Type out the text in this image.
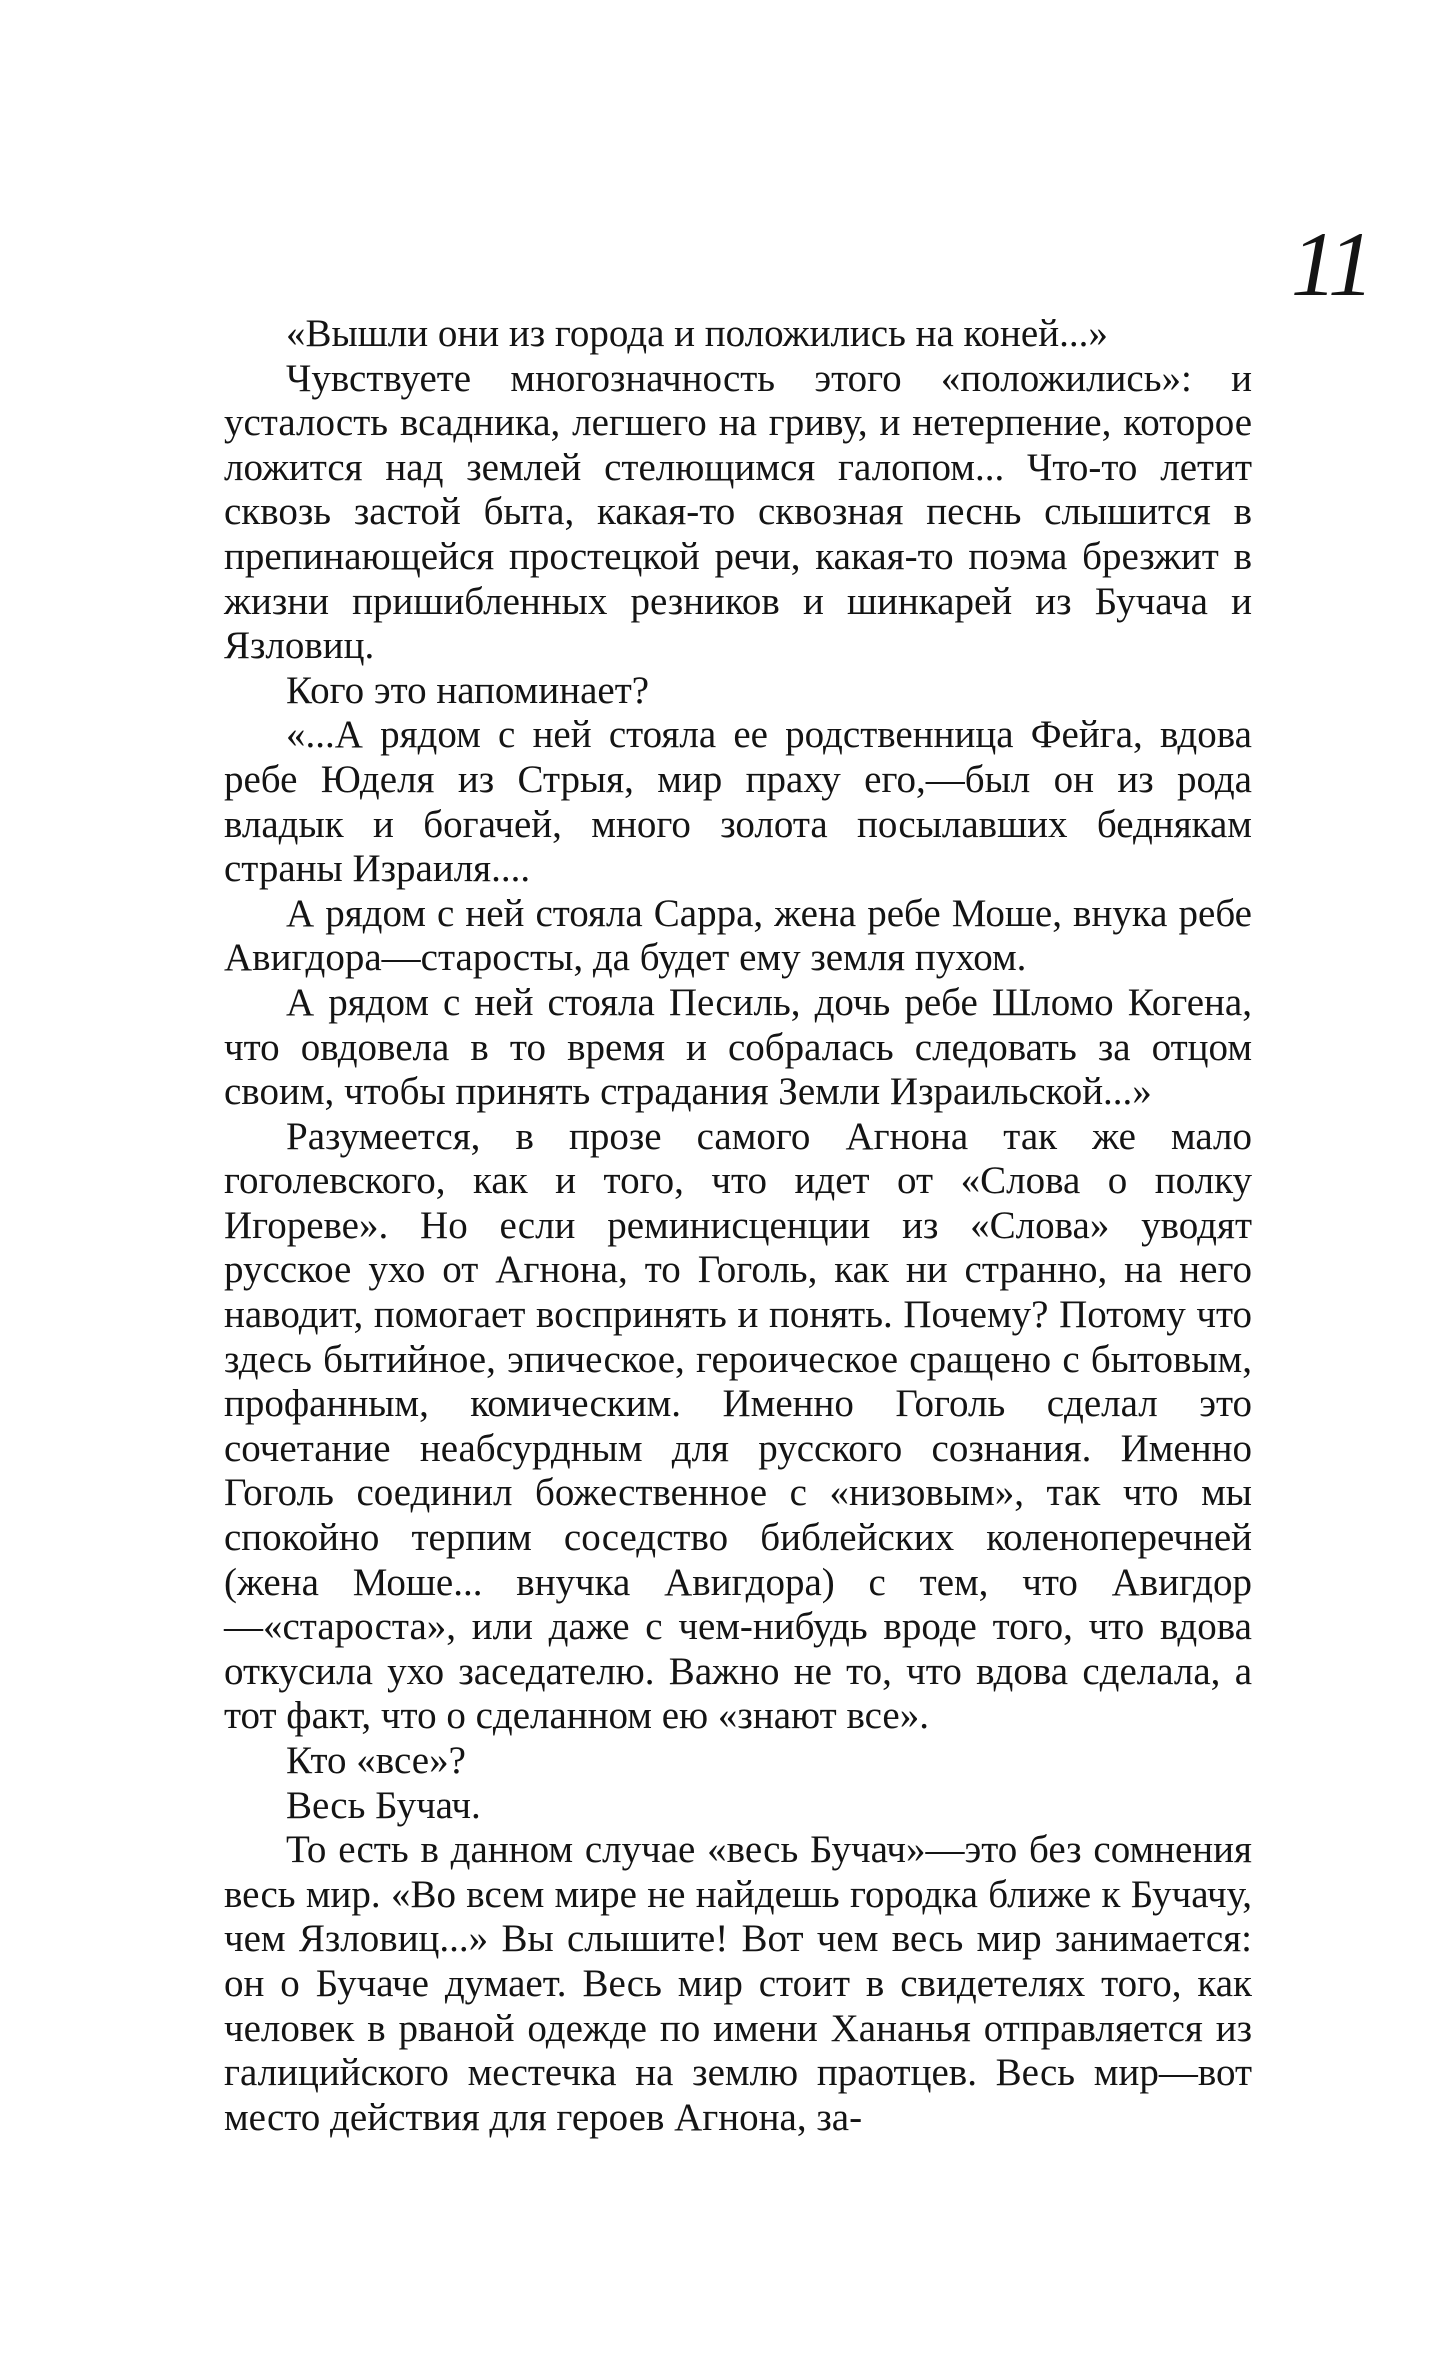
11

«Вышли они из города и положились на коней...»

Чувствуете многозначность этого «положились»: и усталость всадника, легшего на гриву, и нетерпение, которое ложится над землей стелющимся галопом... Что-то летит сквозь застой быта, какая-то сквозная песнь слышится в препинающейся простецкой речи, какая-то поэма брезжит в жизни пришибленных резников и шинкарей из Бучача и Язловиц.

Кого это напоминает?

«...А рядом с ней стояла ее родственница Фейга, вдова ребе Юделя из Стрыя, мир праху его,—был он из рода владык и богачей, много золота посылавших беднякам страны Израиля....

А рядом с ней стояла Сарра, жена ребе Моше, внука ребе Авигдора—старосты, да будет ему земля пухом.

А рядом с ней стояла Песиль, дочь ребе Шломо Когена, что овдовела в то время и собралась следовать за отцом своим, чтобы принять страдания Земли Израильской...»

Разумеется, в прозе самого Агнона так же мало гоголевского, как и того, что идет от «Слова о полку Игореве». Но если реминисценции из «Слова» уводят русское ухо от Агнона, то Гоголь, как ни странно, на него наводит, помогает воспринять и понять. Почему? Потому что здесь бытийное, эпическое, героическое сращено с бытовым, профанным, комическим. Именно Гоголь сделал это сочетание неабсурдным для русского сознания. Именно Гоголь соединил божественное с «низовым», так что мы спокойно терпим соседство библейских коленоперечней (жена Моше... внучка Авигдора) с тем, что Авигдор—«староста», или даже с чем-нибудь вроде того, что вдова откусила ухо заседателю. Важно не то, что вдова сделала, а тот факт, что о сделанном ею «знают все».

Кто «все»?

Весь Бучач.

То есть в данном случае «весь Бучач»—это без сомнения весь мир. «Во всем мире не найдешь городка ближе к Бучачу, чем Язловиц...» Вы слышите! Вот чем весь мир занимается: он о Бучаче думает. Весь мир стоит в свидетелях того, как человек в рваной одежде по имени Хананья отправляется из галицийского местечка на землю праотцев. Весь мир—вот место действия для героев Агнона, за-
